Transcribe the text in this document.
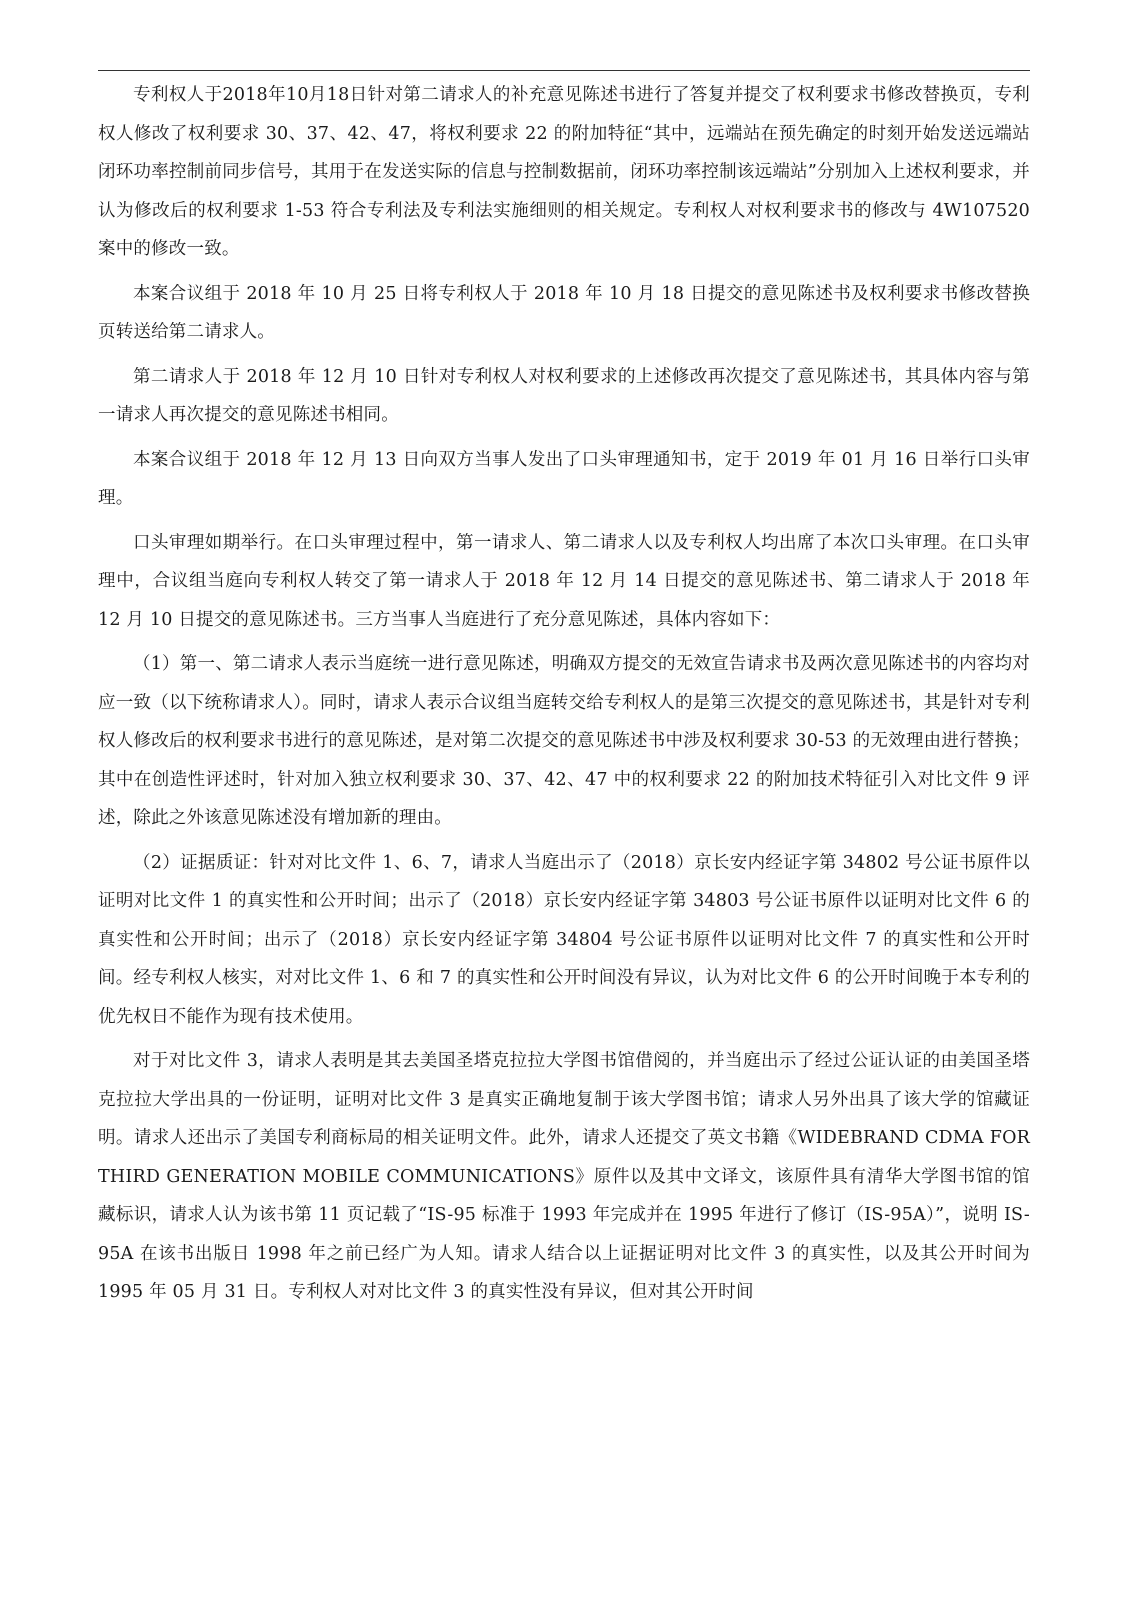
专利权人于2018年10月18日针对第二请求人的补充意见陈述书进行了答复并提交了权利要求书修改替换页，专利权人修改了权利要求 30、37、42、47，将权利要求 22 的附加特征“其中，远端站在预先确定的时刻开始发送远端站闭环功率控制前同步信号，其用于在发送实际的信息与控制数据前，闭环功率控制该远端站”分别加入上述权利要求，并认为修改后的权利要求 1-53 符合专利法及专利法实施细则的相关规定。专利权人对权利要求书的修改与 4W107520 案中的修改一致。

本案合议组于 2018 年 10 月 25 日将专利权人于 2018 年 10 月 18 日提交的意见陈述书及权利要求书修改替换页转送给第二请求人。

第二请求人于 2018 年 12 月 10 日针对专利权人对权利要求的上述修改再次提交了意见陈述书，其具体内容与第一请求人再次提交的意见陈述书相同。

本案合议组于 2018 年 12 月 13 日向双方当事人发出了口头审理通知书，定于 2019 年 01 月 16 日举行口头审理。

口头审理如期举行。在口头审理过程中，第一请求人、第二请求人以及专利权人均出席了本次口头审理。在口头审理中，合议组当庭向专利权人转交了第一请求人于 2018 年 12 月 14 日提交的意见陈述书、第二请求人于 2018 年 12 月 10 日提交的意见陈述书。三方当事人当庭进行了充分意见陈述，具体内容如下：

（1）第一、第二请求人表示当庭统一进行意见陈述，明确双方提交的无效宣告请求书及两次意见陈述书的内容均对应一致（以下统称请求人）。同时，请求人表示合议组当庭转交给专利权人的是第三次提交的意见陈述书，其是针对专利权人修改后的权利要求书进行的意见陈述，是对第二次提交的意见陈述书中涉及权利要求 30-53 的无效理由进行替换；其中在创造性评述时，针对加入独立权利要求 30、37、42、47 中的权利要求 22 的附加技术特征引入对比文件 9 评述，除此之外该意见陈述没有增加新的理由。

（2）证据质证：针对对比文件 1、6、7，请求人当庭出示了（2018）京长安内经证字第 34802 号公证书原件以证明对比文件 1 的真实性和公开时间；出示了（2018）京长安内经证字第 34803 号公证书原件以证明对比文件 6 的真实性和公开时间；出示了（2018）京长安内经证字第 34804 号公证书原件以证明对比文件 7 的真实性和公开时间。经专利权人核实，对对比文件 1、6 和 7 的真实性和公开时间没有异议，认为对比文件 6 的公开时间晚于本专利的优先权日不能作为现有技术使用。

对于对比文件 3，请求人表明是其去美国圣塔克拉拉大学图书馆借阅的，并当庭出示了经过公证认证的由美国圣塔克拉拉大学出具的一份证明，证明对比文件 3 是真实正确地复制于该大学图书馆；请求人另外出具了该大学的馆藏证明。请求人还出示了美国专利商标局的相关证明文件。此外，请求人还提交了英文书籍《WIDEBRAND CDMA FOR THIRD GENERATION MOBILE COMMUNICATIONS》原件以及其中文译文，该原件具有清华大学图书馆的馆藏标识，请求人认为该书第 11 页记载了“IS-95 标准于 1993 年完成并在 1995 年进行了修订（IS-95A）”，说明 IS-95A 在该书出版日 1998 年之前已经广为人知。请求人结合以上证据证明对比文件 3 的真实性，以及其公开时间为 1995 年 05 月 31 日。专利权人对对比文件 3 的真实性没有异议，但对其公开时间
